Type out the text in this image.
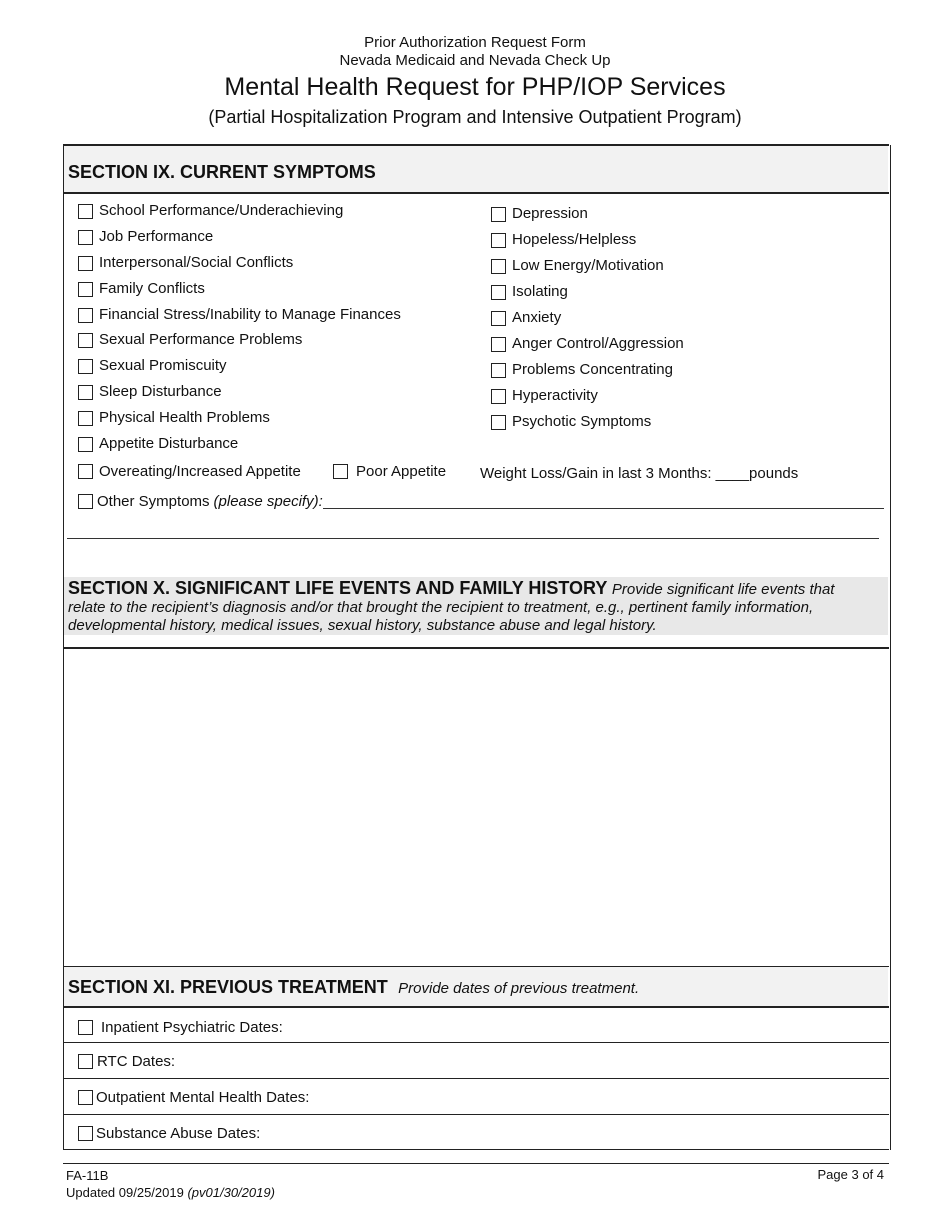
Prior Authorization Request Form
Nevada Medicaid and Nevada Check Up
Mental Health Request for PHP/IOP Services
(Partial Hospitalization Program and Intensive Outpatient Program)
SECTION IX. CURRENT SYMPTOMS
School Performance/Underachieving
Job Performance
Interpersonal/Social Conflicts
Family Conflicts
Financial Stress/Inability to Manage Finances
Sexual Performance Problems
Sexual Promiscuity
Sleep Disturbance
Physical Health Problems
Appetite Disturbance
Depression
Hopeless/Helpless
Low Energy/Motivation
Isolating
Anxiety
Anger Control/Aggression
Problems Concentrating
Hyperactivity
Psychotic Symptoms
Overeating/Increased Appetite	Poor Appetite Weight Loss/Gain in last 3 Months: ____pounds
Other Symptoms (please specify):
SECTION X. SIGNIFICANT LIFE EVENTS AND FAMILY HISTORY Provide significant life events that relate to the recipient’s diagnosis and/or that brought the recipient to treatment, e.g., pertinent family information, developmental history, medical issues, sexual history, substance abuse and legal history.
SECTION XI. PREVIOUS TREATMENT Provide dates of previous treatment.
Inpatient Psychiatric Dates:
RTC Dates:
Outpatient Mental Health Dates:
Substance Abuse Dates:
FA-11B
Updated 09/25/2019 (pv01/30/2019)
Page 3 of 4
